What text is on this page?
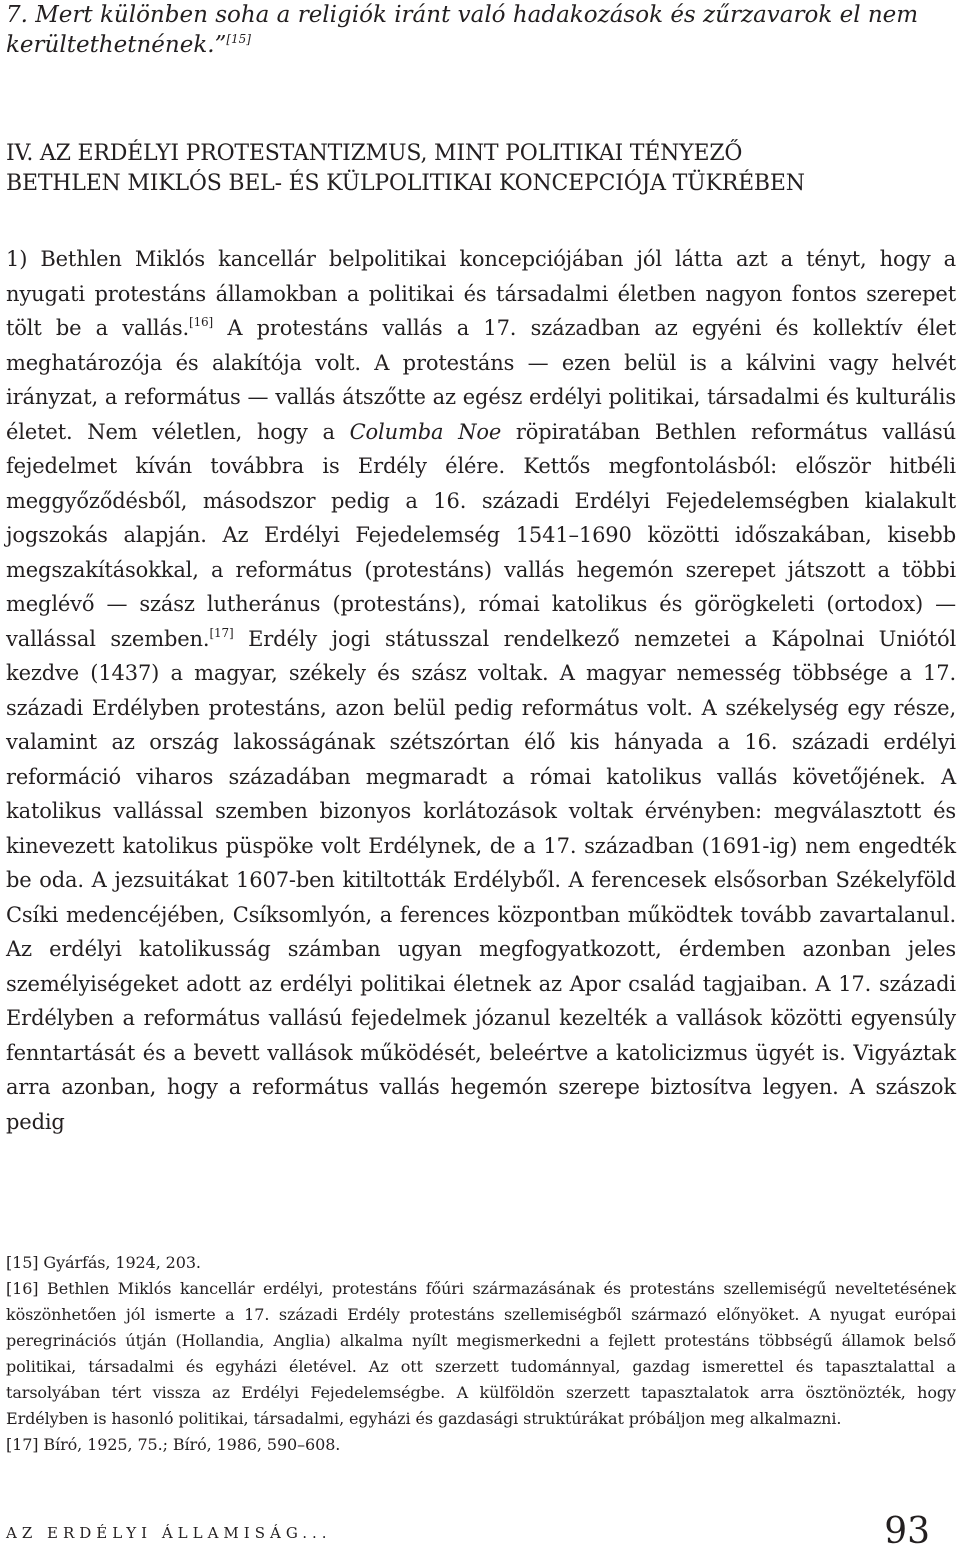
7. Mert különben soha a religiók iránt való hadakozások és zűrzavarok el nem kerültethetnének.”[15]
IV. AZ ERDÉLYI PROTESTANTIZMUS, MINT POLITIKAI TÉNYEZŐ
BETHLEN MIKLÓS BEL- ÉS KÜLPOLITIKAI KONCEPCIÓJA TÜKRÉBEN
1) Bethlen Miklós kancellár belpolitikai koncepciójában jól látta azt a tényt, hogy a nyugati protestáns államokban a politikai és társadalmi életben nagyon fontos szerepet tölt be a vallás.[16] A protestáns vallás a 17. században az egyéni és kollektív élet meghatározója és alakítója volt. A protestáns — ezen belül is a kálvini vagy helvét irányzat, a református — vallás átszőtte az egész erdélyi politikai, társadalmi és kulturális életet. Nem véletlen, hogy a Columba Noe röpiratában Bethlen református vallású fejedelmet kíván továbbra is Erdély élére. Kettős megfontolásból: először hitbéli meggyőződésből, másodszor pedig a 16. századi Erdélyi Fejedelemségben kialakult jogszokás alapján. Az Erdélyi Fejedelemség 1541–1690 közötti időszakában, kisebb megszakításokkal, a református (protestáns) vallás hegemón szerepet játszott a többi meglévő — szász lutheránus (protestáns), római katolikus és görögkeleti (ortodox) — vallással szemben.[17] Erdély jogi státusszal rendelkező nemzetei a Kápolnai Uniótól kezdve (1437) a magyar, székely és szász voltak. A magyar nemesség többsége a 17. századi Erdélyben protestáns, azon belül pedig református volt. A székelység egy része, valamint az ország lakosságának szétszórtan élő kis hányada a 16. századi erdélyi reformáció viharos századában megmaradt a római katolikus vallás követőjének. A katolikus vallással szemben bizonyos korlátozások voltak érvényben: megválasztott és kinevezett katolikus püspöke volt Erdélynek, de a 17. században (1691-ig) nem engedték be oda. A jezsuitákat 1607-ben kitiltották Erdélyből. A ferencesek elsősorban Székelyföld Csíki medencéjében, Csíksomlyón, a ferences központban működtek tovább zavartalanul. Az erdélyi katolikusság számban ugyan megfogyatkozott, érdemben azonban jeles személyiségeket adott az erdélyi politikai életnek az Apor család tagjaiban. A 17. századi Erdélyben a református vallású fejedelmek józanul kezelték a vallások közötti egyensúly fenntartását és a bevett vallások működését, beleértve a katolicizmus ügyét is. Vigyáztak arra azonban, hogy a református vallás hegemón szerepe biztosítva legyen. A szászok pedig

[15] Gyárfás, 1924, 203.

[16] Bethlen Miklós kancellár erdélyi, protestáns főúri származásának és protestáns szellemiségű neveltetésének köszönhetően jól ismerte a 17. századi Erdély protestáns szellemiségből származó előnyöket. A nyugat európai peregrinációs útján (Hollandia, Anglia) alkalma nyílt megismerkedni a fejlett protestáns többségű államok belső politikai, társadalmi és egyházi életével. Az ott szerzett tudománnyal, gazdag ismerettel és tapasztalattal a tarsolyában tért vissza az Erdélyi Fejedelemségbe. A külföldön szerzett tapasztalatok arra ösztönözték, hogy Erdélyben is hasonló politikai, társadalmi, egyházi és gazdasági struktúrákat próbáljon meg alkalmazni.

[17] Bíró, 1925, 75.; Bíró, 1986, 590–608.

AZ ERDÉLYI ÁLLAMISÁG...	93
